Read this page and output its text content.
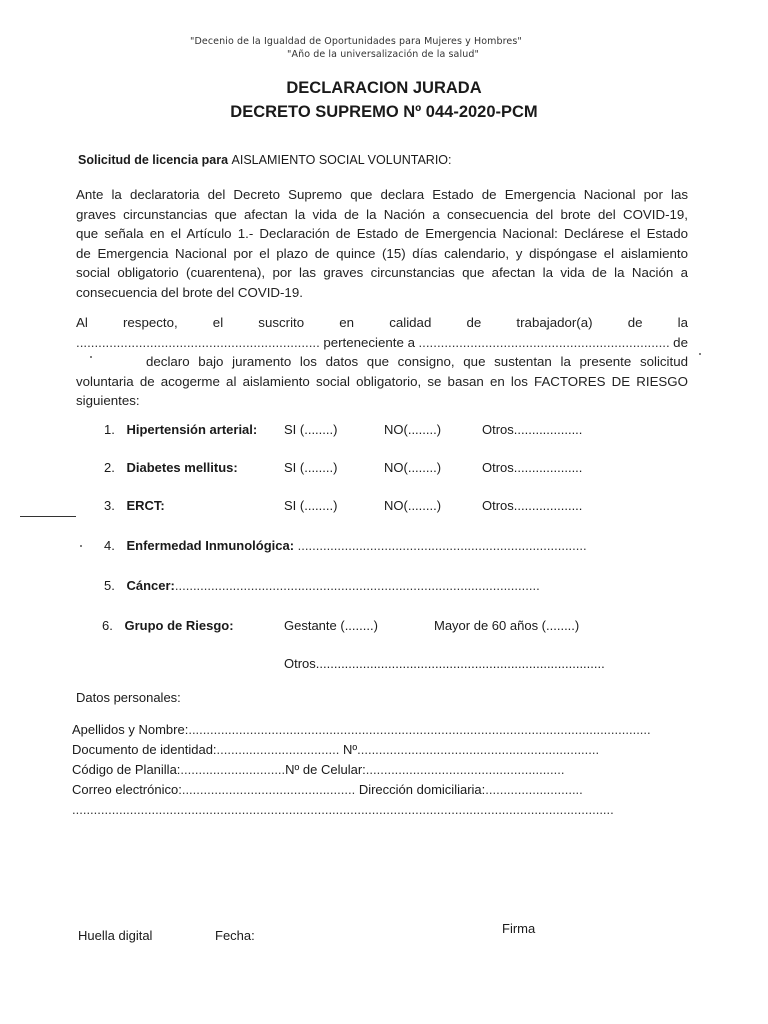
"Decenio de la Igualdad de Oportunidades para Mujeres y Hombres"
"Año de la universalización de la salud"
DECLARACION JURADA
DECRETO SUPREMO Nº 044-2020-PCM
Solicitud de licencia para AISLAMIENTO SOCIAL VOLUNTARIO:

Ante la declaratoria del Decreto Supremo que declara Estado de Emergencia Nacional por las

graves circunstancias que afectan la vida de la Nación a consecuencia del brote del COVID-19,

que señala en el Artículo 1.- Declaración de Estado de Emergencia Nacional: Declárese el Estado

de Emergencia Nacional por el plazo de quince (15) días calendario, y dispóngase el aislamiento

social obligatorio (cuarentena), por las graves circunstancias que afectan la vida de la Nación a

consecuencia del brote del COVID-19.

Al respecto, el suscrito en calidad de trabajador(a) de la

.................................................................. perteneciente a .................................................................... de

declaro bajo juramento los datos que consigno, que sustentan la presente solicitud

voluntaria de acogerme al aislamiento social obligatorio, se basan en los FACTORES DE RIESGO

siguientes:

1. Hipertensión arterial: SI (........)	NO(........)	Otros...................
2. Diabetes mellitus:	SI (........)	NO(........)	Otros...................
3. ERCT:	SI (........)	NO(........)	Otros...................
4. Enfermedad Inmunológica: ................................................................................
5. Cáncer:.....................................................................................................
6. Grupo de Riesgo:	Gestante (........)	Mayor de 60 años (........)
Otros................................................................................
Datos personales:
Apellidos y Nombre:................................................................................................................................
Documento de identidad:.................................. Nº...................................................................
Código de Planilla:.............................Nº de Celular:.......................................................
Correo electrónico:................................................ Dirección domiciliaria:...........................
......................................................................................................................................................
Huella digital	Fecha:	Firma
